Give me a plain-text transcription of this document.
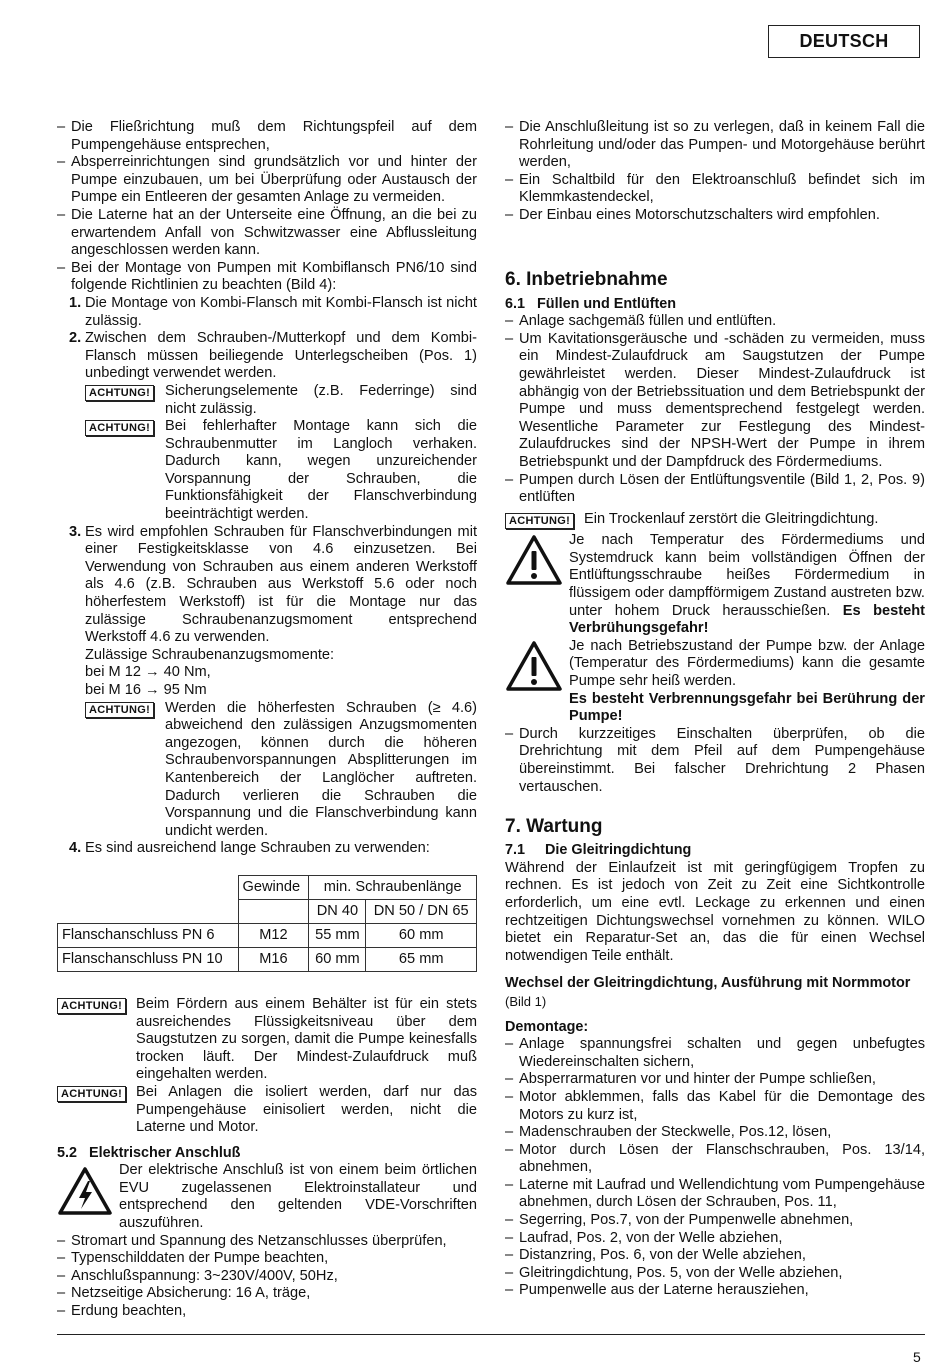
DEUTSCH

– Die Fließrichtung muß dem Richtungspfeil auf dem Pumpengehäuse entsprechen,

– Absperreinrichtungen sind grundsätzlich vor und hinter der Pumpe einzubauen, um bei Überprüfung oder Austausch der Pumpe ein Entleeren der gesamten Anlage zu vermeiden.

– Die Laterne hat an der Unterseite eine Öffnung, an die bei zu erwartendem Anfall von Schwitzwasser eine Abflussleitung angeschlossen werden kann.

– Bei der Montage von Pumpen mit Kombiflansch PN6/10 sind folgende Richtlinien zu beachten (Bild 4):

1. Die Montage von Kombi-Flansch mit Kombi-Flansch ist nicht zulässig.
2. Zwischen dem Schrauben-/Mutterkopf und dem Kombi-Flansch müssen beiliegende Unterlegscheiben (Pos. 1) unbedingt verwendet werden.
ACHTUNG! Sicherungselemente (z.B. Federringe) sind nicht zulässig.
ACHTUNG! Bei fehlerhafter Montage kann sich die Schraubenmutter im Langloch verhaken. Dadurch kann, wegen unzureichender Vorspannung der Schrauben, die Funktionsfähigkeit der Flanschverbindung beeinträchtigt werden.
3. Es wird empfohlen Schrauben für Flanschverbindungen mit einer Festigkeitsklasse von 4.6 einzusetzen. Bei Verwendung von Schrauben aus einem anderen Werkstoff als 4.6 (z.B. Schrauben aus Werkstoff 5.6 oder noch höherfestem Werkstoff) ist für die Montage nur das zulässige Schraubenanzugsmoment entsprechend Werkstoff 4.6 zu verwenden.

Zulässige Schraubenanzugsmomente:

bei M 12 → 40 Nm,

bei M 16 → 95 Nm

ACHTUNG! Werden die höherfesten Schrauben (≥ 4.6) abweichend den zulässigen Anzugsmomenten angezogen, können durch die höheren Schraubenvorspannungen Absplitterungen im Kantenbereich der Langlöcher auftreten. Dadurch verlieren die Schrauben die Vorspannung und die Flanschverbindung kann undicht werden.
4. Es sind ausreichend lange Schrauben zu verwenden:
	Gewinde	min. Schraubenlänge	
		DN 40	DN 50 / DN 65
Flanschanschluss PN 6	M12	55 mm	60 mm
Flanschanschluss PN 10	M16	60 mm	65 mm
ACHTUNG! Beim Fördern aus einem Behälter ist für ein stets ausreichendes Flüssigkeitsniveau über dem Saugstutzen zu sorgen, damit die Pumpe keinesfalls trocken läuft. Der Mindest-Zulaufdruck muß eingehalten werden.
ACHTUNG! Bei Anlagen die isoliert werden, darf nur das Pumpengehäuse einisoliert werden, nicht die Laterne und Motor.

5.2 Elektrischer Anschluß

Der elektrische Anschluß ist von einem beim örtlichen EVU zugelassenen Elektroinstallateur und entsprechend den geltenden VDE-Vorschriften auszuführen.

– Stromart und Spannung des Netzanschlusses überprüfen,

– Typenschilddaten der Pumpe beachten,

– Anschlußspannung: 3~230V/400V, 50Hz,

– Netzseitige Absicherung: 16 A, träge,

– Erdung beachten,

– Die Anschlußleitung ist so zu verlegen, daß in keinem Fall die Rohrleitung und/oder das Pumpen- und Motorgehäuse berührt werden,

– Ein Schaltbild für den Elektroanschluß befindet sich im Klemmkastendeckel,

– Der Einbau eines Motorschutzschalters wird empfohlen.

6. Inbetriebnahme

6.1 Füllen und Entlüften

– Anlage sachgemäß füllen und entlüften.

– Um Kavitationsgeräusche und -schäden zu vermeiden, muss ein Mindest-Zulaufdruck am Saugstutzen der Pumpe gewährleistet werden. Dieser Mindest-Zulaufdruck ist abhängig von der Betriebssituation und dem Betriebspunkt der Pumpe und muss dementsprechend festgelegt werden. Wesentliche Parameter zur Festlegung des Mindest-Zulaufdruckes sind der NPSH-Wert der Pumpe in ihrem Betriebspunkt und der Dampfdruck des Fördermediums.

– Pumpen durch Lösen der Entlüftungsventile (Bild 1, 2, Pos. 9) entlüften

ACHTUNG! Ein Trockenlauf zerstört die Gleitringdichtung.

Je nach Temperatur des Fördermediums und Systemdruck kann beim vollständigen Öffnen der Entlüftungsschraube heißes Fördermedium in flüssigem oder dampfförmigem Zustand austreten bzw. unter hohem Druck herausschießen. Es besteht Verbrühungsgefahr!

Je nach Betriebszustand der Pumpe bzw. der Anlage (Temperatur des Fördermediums) kann die gesamte Pumpe sehr heiß werden.

Es besteht Verbrennungsgefahr bei Berührung der Pumpe!

– Durch kurzzeitiges Einschalten überprüfen, ob die Drehrichtung mit dem Pfeil auf dem Pumpengehäuse übereinstimmt. Bei falscher Drehrichtung 2 Phasen vertauschen.

7. Wartung

7.1 Die Gleitringdichtung

Während der Einlaufzeit ist mit geringfügigem Tropfen zu rechnen. Es ist jedoch von Zeit zu Zeit eine Sichtkontrolle erforderlich, um eine evtl. Leckage zu erkennen und einen rechtzeitigen Dichtungswechsel vornehmen zu können. WILO bietet ein Reparatur-Set an, das die für einen Wechsel notwendigen Teile enthält.

Wechsel der Gleitringdichtung, Ausführung mit Normmotor

(Bild 1)

Demontage:

– Anlage spannungsfrei schalten und gegen unbefugtes Wiedereinschalten sichern,

– Absperrarmaturen vor und hinter der Pumpe schließen,

– Motor abklemmen, falls das Kabel für die Demontage des Motors zu kurz ist,

– Madenschrauben der Steckwelle, Pos.12, lösen,

– Motor durch Lösen der Flanschschrauben, Pos. 13/14, abnehmen,

– Laterne mit Laufrad und Wellendichtung vom Pumpengehäuse abnehmen, durch Lösen der Schrauben, Pos. 11,

– Segerring, Pos.7, von der Pumpenwelle abnehmen,

– Laufrad, Pos. 2, von der Welle abziehen,

– Distanzring, Pos. 6, von der Welle abziehen,

– Gleitringdichtung, Pos. 5, von der Welle abziehen,

– Pumpenwelle aus der Laterne herausziehen,

5
